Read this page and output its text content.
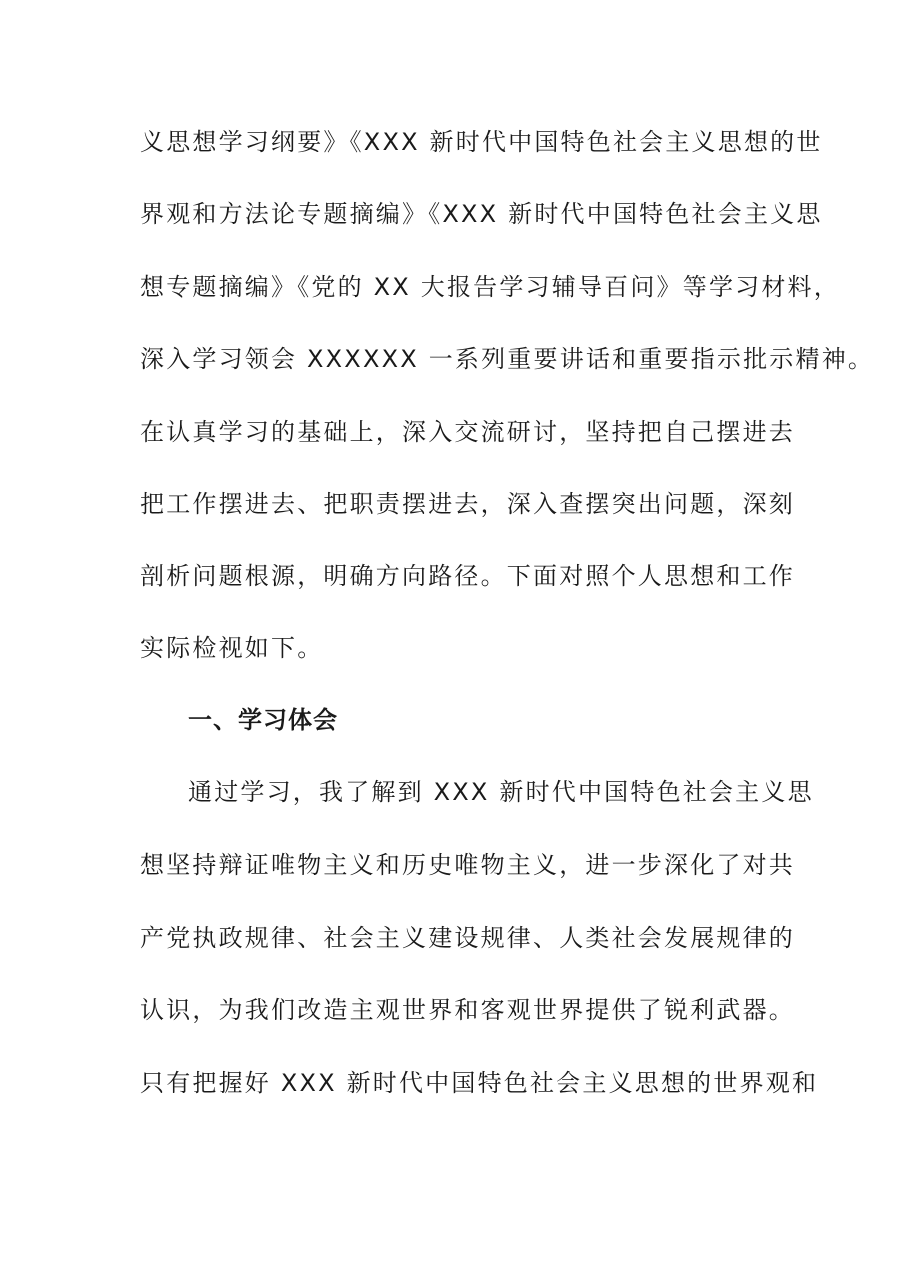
义思想学习纲要》《XXX 新时代中国特色社会主义思想的世
界观和方法论专题摘编》《XXX 新时代中国特色社会主义思
想专题摘编》《党的 XX 大报告学习辅导百问》等学习材料，
深入学习领会 XXXXXX 一系列重要讲话和重要指示批示精神。
在认真学习的基础上，深入交流研讨，坚持把自己摆进去
把工作摆进去、把职责摆进去，深入查摆突出问题，深刻
剖析问题根源，明确方向路径。下面对照个人思想和工作
实际检视如下。
一、学习体会
通过学习，我了解到 XXX 新时代中国特色社会主义思
想坚持辩证唯物主义和历史唯物主义，进一步深化了对共
产党执政规律、社会主义建设规律、人类社会发展规律的
认识，为我们改造主观世界和客观世界提供了锐利武器。
只有把握好 XXX 新时代中国特色社会主义思想的世界观和
